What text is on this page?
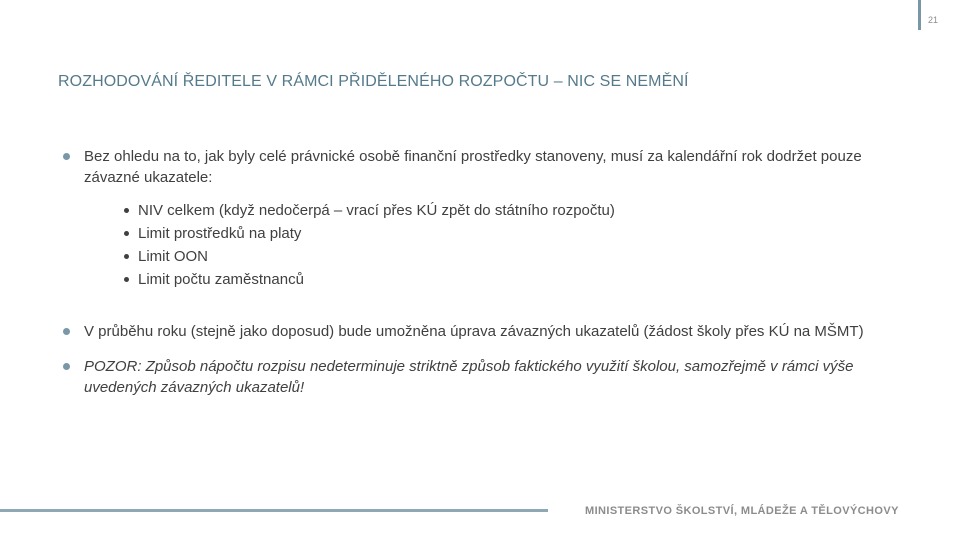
21
ROZHODOVÁNÍ ŘEDITELE V RÁMCI PŘIDĚLENÉHO ROZPOČTU – NIC SE NEMĚNÍ
Bez ohledu na to, jak byly celé právnické osobě finanční prostředky stanoveny, musí za kalendářní rok dodržet pouze závazné ukazatele:
NIV celkem (když nedočerpá – vrací přes KÚ zpět do státního rozpočtu)
Limit prostředků na platy
Limit OON
Limit počtu zaměstnanců
V průběhu roku (stejně jako doposud) bude umožněna úprava závazných ukazatelů (žádost školy přes KÚ na MŠMT)
POZOR: Způsob nápočtu rozpisu nedeterminuje striktně způsob faktického využití školou, samozřejmě v rámci výše uvedených závazných ukazatelů!
MINISTERSTVO ŠKOLSTVÍ, MLÁDEŽE A TĚLOVÝCHOVY
